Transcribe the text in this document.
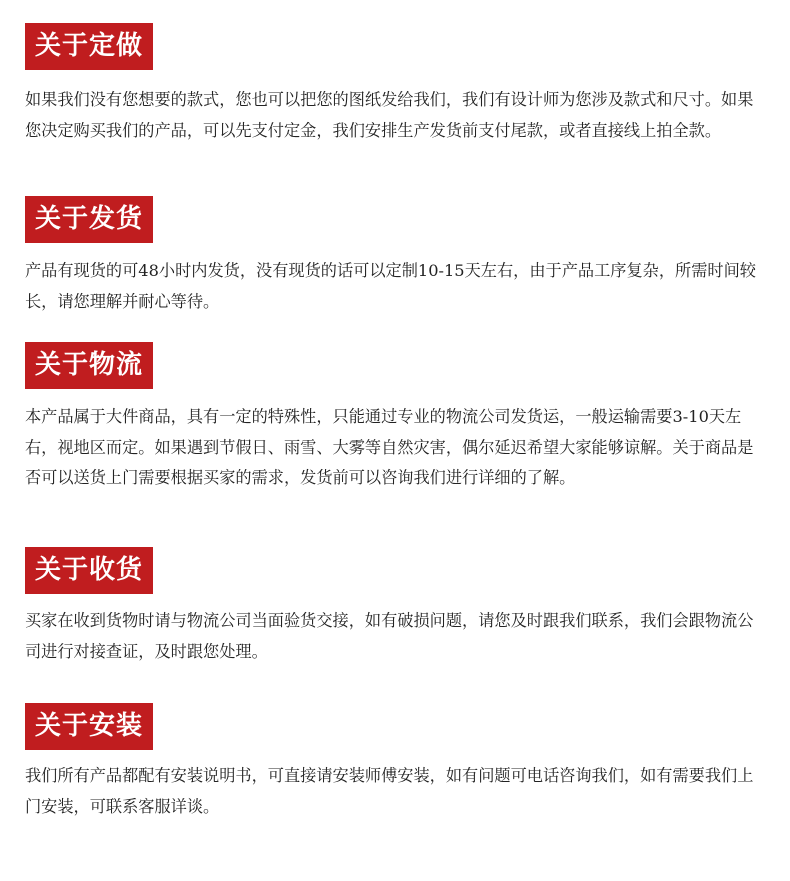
关于定做

如果我们没有您想要的款式，您也可以把您的图纸发给我们，我们有设计师为您涉及款式和尺寸。如果您决定购买我们的产品，可以先支付定金，我们安排生产发货前支付尾款，或者直接线上拍全款。

关于发货

产品有现货的可48小时内发货，没有现货的话可以定制10-15天左右，由于产品工序复杂，所需时间较长，请您理解并耐心等待。

关于物流

本产品属于大件商品，具有一定的特殊性，只能通过专业的物流公司发货运，一般运输需要3-10天左右，视地区而定。如果遇到节假日、雨雪、大雾等自然灾害，偶尔延迟希望大家能够谅解。关于商品是否可以送货上门需要根据买家的需求，发货前可以咨询我们进行详细的了解。

关于收货

买家在收到货物时请与物流公司当面验货交接，如有破损问题，请您及时跟我们联系，我们会跟物流公司进行对接查证，及时跟您处理。

关于安装

我们所有产品都配有安装说明书，可直接请安装师傅安装，如有问题可电话咨询我们，如有需要我们上门安装，可联系客服详谈。
